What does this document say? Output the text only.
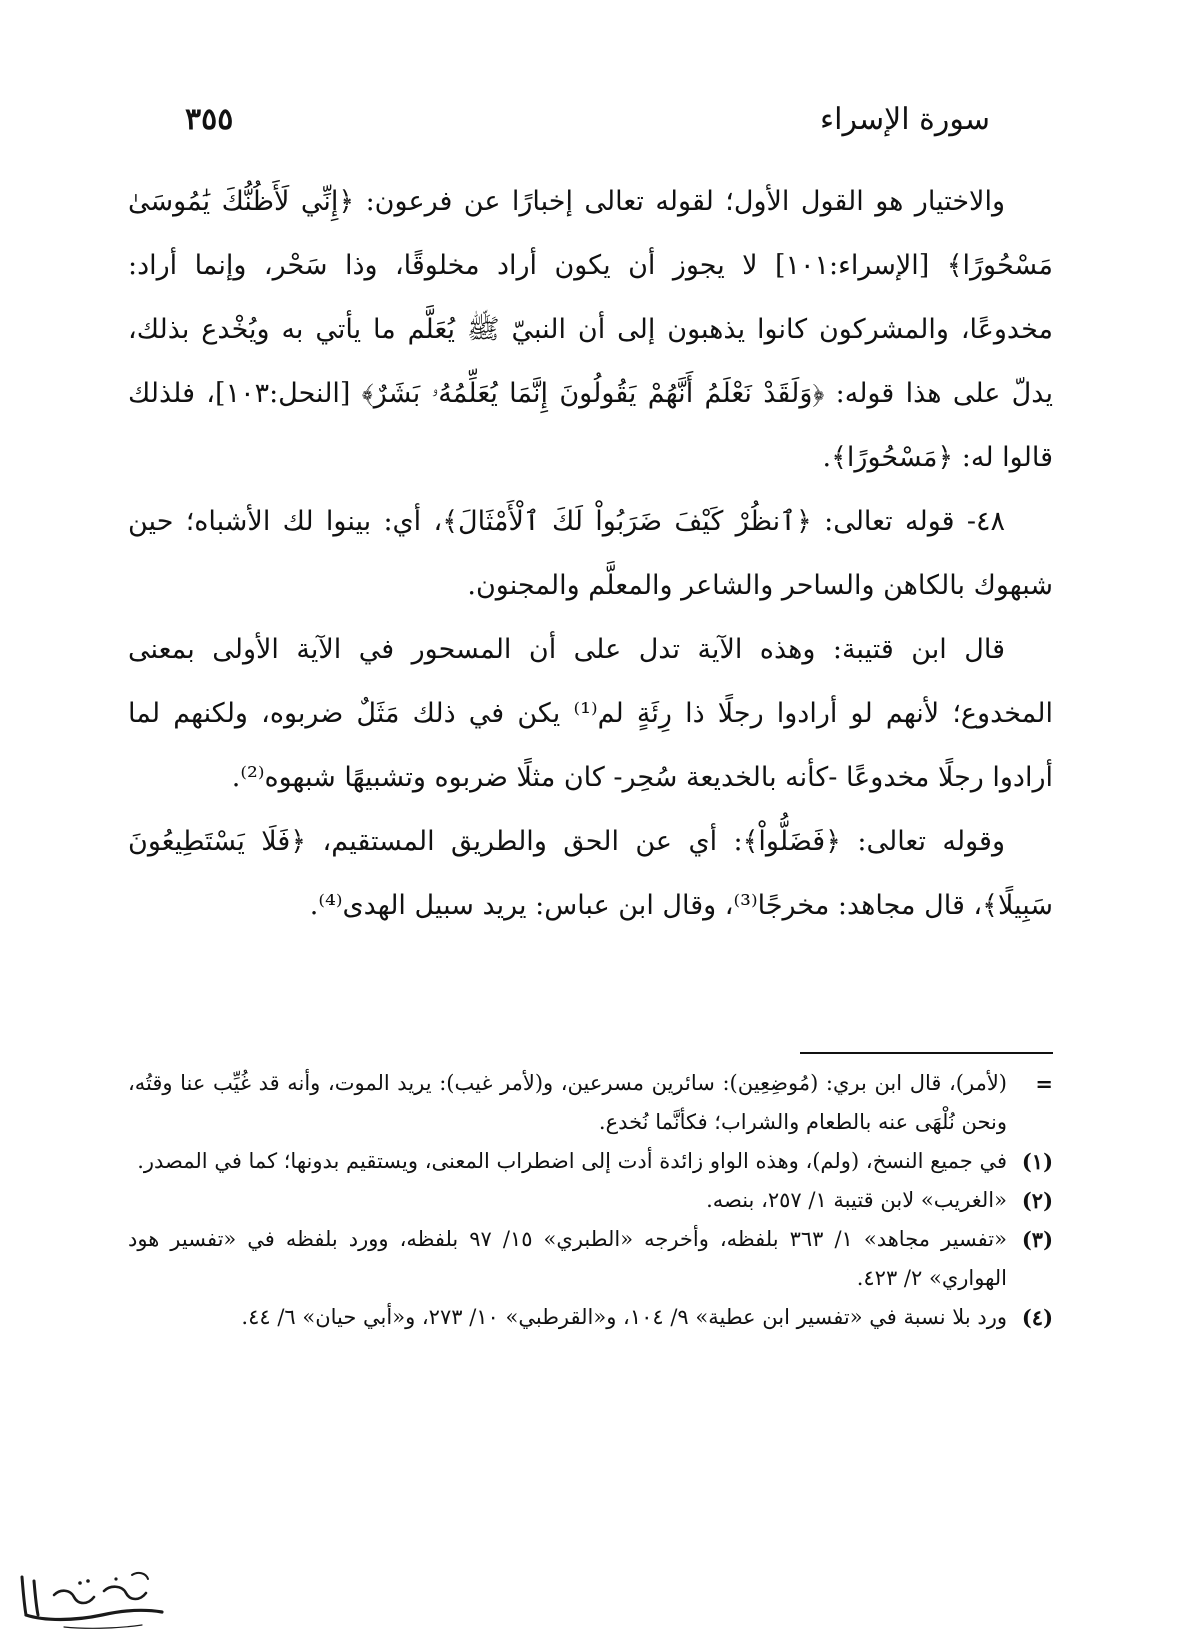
سورة الإسراء
٣٥٥

والاختيار هو القول الأول؛ لقوله تعالى إخبارًا عن فرعون: ﴿إِنِّي لَأَظُنُّكَ يَٰمُوسَىٰ مَسْحُورًا﴾ [الإسراء:١٠١] لا يجوز أن يكون أراد مخلوقًا، وذا سَحْر، وإنما أراد: مخدوعًا، والمشركون كانوا يذهبون إلى أن النبيّ ﷺ يُعَلَّم ما يأتي به ويُخْدع بذلك، يدلّ على هذا قوله: ﴿وَلَقَدْ نَعْلَمُ أَنَّهُمْ يَقُولُونَ إِنَّمَا يُعَلِّمُهُۥ بَشَرٌ﴾ [النحل:١٠٣]، فلذلك قالوا له: ﴿مَسْحُورًا﴾.

٤٨- قوله تعالى: ﴿ٱنظُرْ كَيْفَ ضَرَبُواْ لَكَ ٱلْأَمْثَالَ﴾، أي: بينوا لك الأشباه؛ حين شبهوك بالكاهن والساحر والشاعر والمعلَّم والمجنون.

قال ابن قتيبة: وهذه الآية تدل على أن المسحور في الآية الأولى بمعنى المخدوع؛ لأنهم لو أرادوا رجلًا ذا رِئَةٍ لم⁽¹⁾ يكن في ذلك مَثَلٌ ضربوه، ولكنهم لما أرادوا رجلًا مخدوعًا -كأنه بالخديعة سُحِر- كان مثلًا ضربوه وتشبيهًا شبهوه⁽²⁾.

وقوله تعالى: ﴿فَضَلُّواْ﴾: أي عن الحق والطريق المستقيم، ﴿فَلَا يَسْتَطِيعُونَ سَبِيلًا﴾، قال مجاهد: مخرجًا⁽³⁾، وقال ابن عباس: يريد سبيل الهدى⁽⁴⁾.

=
(لأمر)، قال ابن بري: (مُوضِعِين): سائرين مسرعين، و(لأمر غيب): يريد الموت، وأنه قد غُيِّب عنا وقتُه، ونحن نُلْهَى عنه بالطعام والشراب؛ فكأنَّما نُخدع.
(١)
في جميع النسخ، (ولم)، وهذه الواو زائدة أدت إلى اضطراب المعنى، ويستقيم بدونها؛ كما في المصدر.
(٢)
«الغريب» لابن قتيبة ١/ ٢٥٧، بنصه.
(٣)
«تفسير مجاهد» ١/ ٣٦٣ بلفظه، وأخرجه «الطبري» ١٥/ ٩٧ بلفظه، وورد بلفظه في «تفسير هود الهواري» ٢/ ٤٢٣.
(٤)
ورد بلا نسبة في «تفسير ابن عطية» ٩/ ١٠٤، و«القرطبي» ١٠/ ٢٧٣، و«أبي حيان» ٦/ ٤٤.
